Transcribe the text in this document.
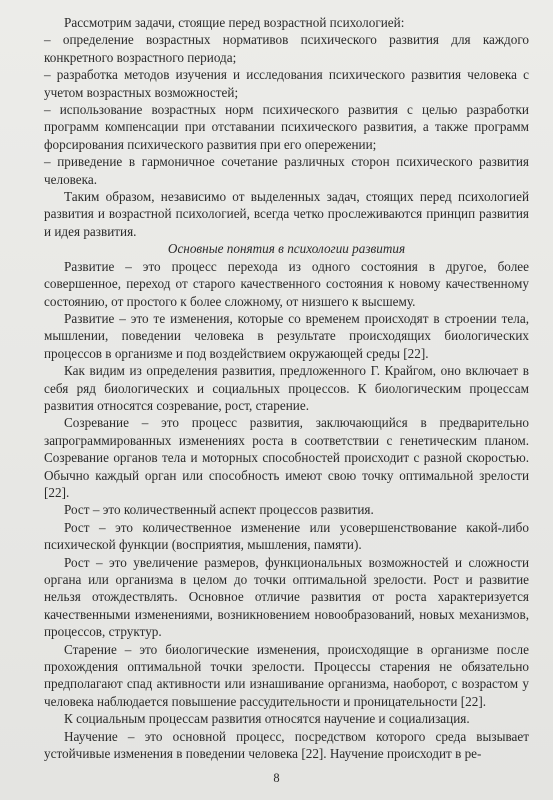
Рассмотрим задачи, стоящие перед возрастной психологией:

– определение возрастных нормативов психического развития для каждого конкретного возрастного периода;

– разработка методов изучения и исследования психического развития человека с учетом возрастных возможностей;

– использование возрастных норм психического развития с целью разработки программ компенсации при отставании психического развития, а также программ форсирования психического развития при его опережении;

– приведение в гармоничное сочетание различных сторон психического развития человека.

Таким образом, независимо от выделенных задач, стоящих перед психологией развития и возрастной психологией, всегда четко прослеживаются принцип развития и идея развития.

Основные понятия в психологии развития

Развитие – это процесс перехода из одного состояния в другое, более совершенное, переход от старого качественного состояния к новому качественному состоянию, от простого к более сложному, от низшего к высшему.

Развитие – это те изменения, которые со временем происходят в строении тела, мышлении, поведении человека в результате происходящих биологических процессов в организме и под воздействием окружающей среды [22].

Как видим из определения развития, предложенного Г. Крайгом, оно включает в себя ряд биологических и социальных процессов. К биологическим процессам развития относятся созревание, рост, старение.

Созревание – это процесс развития, заключающийся в предварительно запрограммированных изменениях роста в соответствии с генетическим планом. Созревание органов тела и моторных способностей происходит с разной скоростью. Обычно каждый орган или способность имеют свою точку оптимальной зрелости [22].

Рост – это количественный аспект процессов развития.

Рост – это количественное изменение или усовершенствование какой-либо психической функции (восприятия, мышления, памяти).

Рост – это увеличение размеров, функциональных возможностей и сложности органа или организма в целом до точки оптимальной зрелости. Рост и развитие нельзя отождествлять. Основное отличие развития от роста характеризуется качественными изменениями, возникновением новообразований, новых механизмов, процессов, структур.

Старение – это биологические изменения, происходящие в организме после прохождения оптимальной точки зрелости. Процессы старения не обязательно предполагают спад активности или изнашивание организма, наоборот, с возрастом у человека наблюдается повышение рассудительности и проницательности [22].

К социальным процессам развития относятся научение и социализация.

Научение – это основной процесс, посредством которого среда вызывает устойчивые изменения в поведении человека [22]. Научение происходит в ре-

8
